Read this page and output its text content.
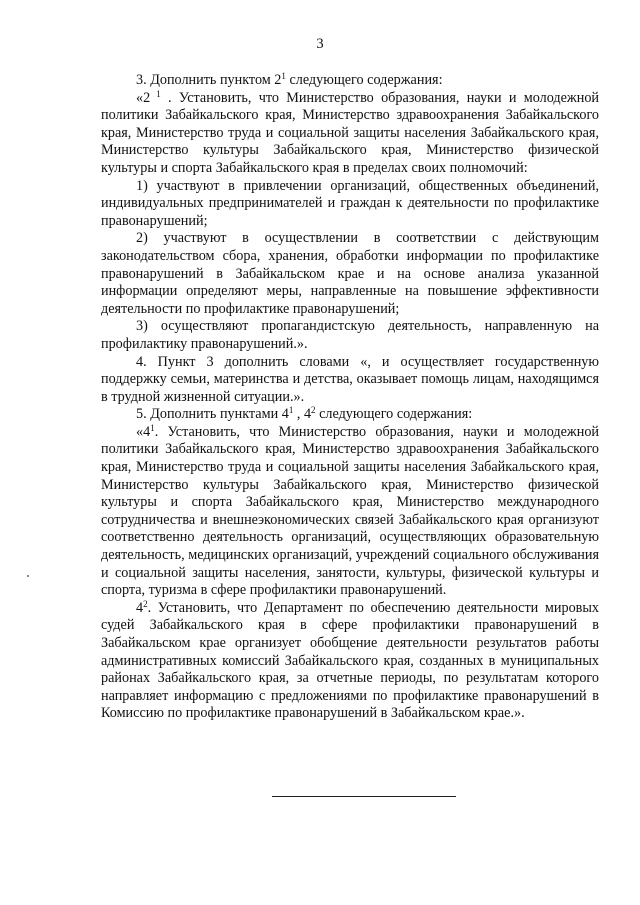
3

3. Дополнить пунктом $2^1$ следующего содержания:

«2 $^1$ . Установить, что Министерство образования, науки и молодежной политики Забайкальского края, Министерство здравоохранения Забайкальского края, Министерство труда и социальной защиты населения Забайкальского края, Министерство культуры Забайкальского края, Министерство физической культуры и спорта Забайкальского края в пределах своих полномочий:

1) участвуют в привлечении организаций, общественных объединений, индивидуальных предпринимателей и граждан к деятельности по профилактике правонарушений;

2) участвуют в осуществлении в соответствии с действующим законодательством сбора, хранения, обработки информации по профилактике правонарушений в Забайкальском крае и на основе анализа указанной информации определяют меры, направленные на повышение эффективности деятельности по профилактике правонарушений;

3) осуществляют пропагандистскую деятельность, направленную на профилактику правонарушений.».

4. Пункт 3 дополнить словами «, и осуществляет государственную поддержку семьи, материнства и детства, оказывает помощь лицам, находящимся в трудной жизненной ситуации.».

5. Дополнить пунктами $4^1$ , $4^2$ следующего содержания:

«$4^1$. Установить, что Министерство образования, науки и молодежной политики Забайкальского края, Министерство здравоохранения Забайкальского края, Министерство труда и социальной защиты населения Забайкальского края, Министерство культуры Забайкальского края, Министерство физической культуры и спорта Забайкальского края, Министерство международного сотрудничества и внешнеэкономических связей Забайкальского края организуют соответственно деятельность организаций, осуществляющих образовательную деятельность, медицинских организаций, учреждений социального обслуживания и социальной защиты населения, занятости, культуры, физической культуры и спорта, туризма в сфере профилактики правонарушений.

$4^2$. Установить, что Департамент по обеспечению деятельности мировых судей Забайкальского края в сфере профилактики правонарушений в Забайкальском крае организует обобщение деятельности результатов работы административных комиссий Забайкальского края, созданных в муниципальных районах Забайкальского края, за отчетные периоды, по результатам которого направляет информацию с предложениями по профилактике правонарушений в Комиссию по профилактике правонарушений в Забайкальском крае.».
